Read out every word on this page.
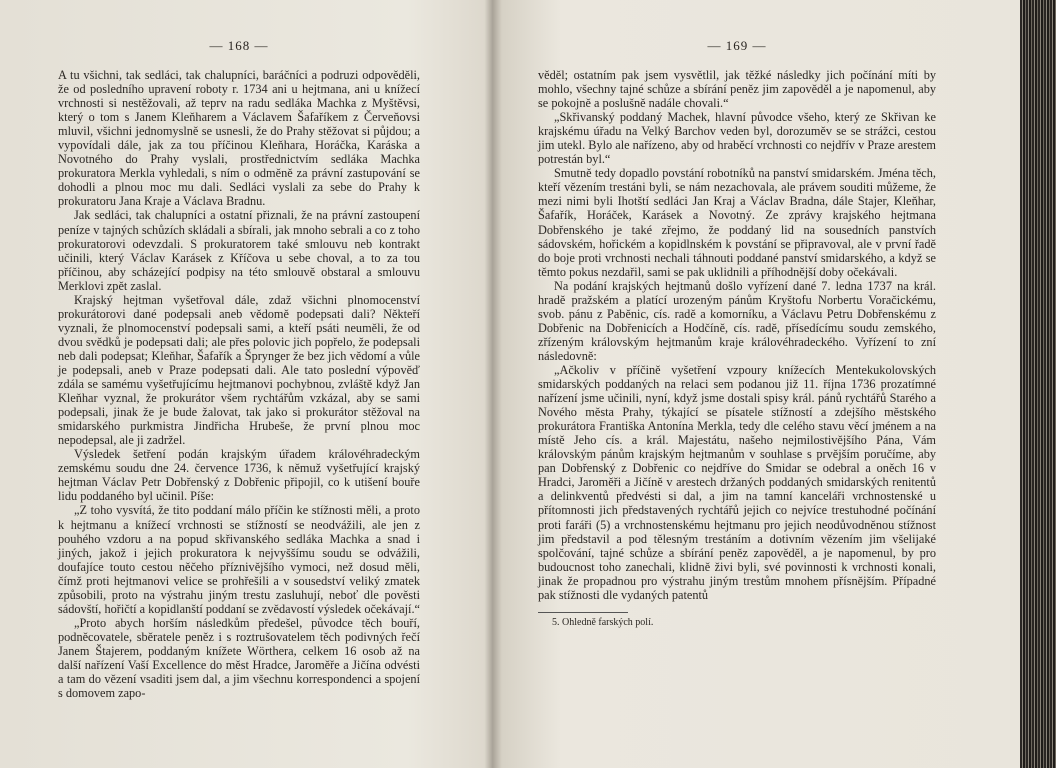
— 168 —

A tu všichni, tak sedláci, tak chalupníci, baráčníci a podruzi odpověděli, že od posledního upravení roboty r. 1734 ani u hejtmana, ani u knížecí vrchnosti si nestěžovali, až teprv na radu sedláka Machka z Myštěvsi, který o tom s Janem Kleňharem a Václavem Šafaříkem z Červeňovsi mluvil, všichni jednomyslně se usnesli, že do Prahy stěžovat si půjdou; a vypovídali dále, jak za tou příčinou Kleňhara, Horáčka, Karáska a Novotného do Prahy vyslali, prostřednictvím sedláka Machka prokuratora Merkla vyhledali, s ním o odměně za právní zastupování se dohodli a plnou moc mu dali. Sedláci vyslali za sebe do Prahy k prokuratoru Jana Kraje a Václava Bradnu.

Jak sedláci, tak chalupníci a ostatní přiznali, že na právní zastoupení peníze v tajných schůzích skládali a sbírali, jak mnoho sebrali a co z toho prokuratorovi odevzdali. S prokuratorem také smlouvu neb kontrakt učinili, který Václav Karásek z Kříčova u sebe choval, a to za tou příčinou, aby scházející podpisy na této smlouvě obstaral a smlouvu Merklovi zpět zaslal.

Krajský hejtman vyšetřoval dále, zdaž všichni plnomocenství prokurátorovi dané podepsali aneb vědomě podepsati dali? Někteří vyznali, že plnomocenství podepsali sami, a kteří psáti neuměli, že od dvou svědků je podepsati dali; ale přes polovic jich popřelo, že podepsali neb dali podepsat; Kleňhar, Šafařík a Šprynger že bez jich vědomí a vůle je podepsali, aneb v Praze podepsati dali. Ale tato poslední výpověď zdála se samému vyšetřujícímu hejtmanovi pochybnou, zvláště když Jan Kleňhar vyznal, že prokurátor všem rychtářům vzkázal, aby se sami podepsali, jinak že je bude žalovat, tak jako si prokurátor stěžoval na smidarského purkmistra Jindřicha Hrubeše, že první plnou moc nepodepsal, ale ji zadržel.

Výsledek šetření podán krajským úřadem královéhradeckým zemskému soudu dne 24. července 1736, k němuž vyšetřující krajský hejtman Václav Petr Dobřenský z Dobřenic připojil, co k utišení bouře lidu poddaného byl učinil. Píše:

„Z toho vysvítá, že tito poddaní málo příčin ke stížnosti měli, a proto k hejtmanu a knížecí vrchnosti se stížností se neodvážili, ale jen z pouhého vzdoru a na popud skřivanského sedláka Machka a snad i jiných, jakož i jejich prokuratora k nejvyššímu soudu se odvážili, doufajíce touto cestou něčeho příznivějšího vymoci, než dosud měli, čímž proti hejtmanovi velice se prohřešili a v sousedství veliký zmatek způsobili, proto na výstrahu jiným trestu zasluhují, neboť dle pověsti sádovští, hořičtí a kopidlanští poddaní se zvědavostí výsledek očekávají.“

„Proto abych horším následkům předešel, původce těch bouří, podněcovatele, sběratele peněz i s roztrušovatelem těch podivných řečí Janem Štajerem, poddaným knížete Wörthera, celkem 16 osob až na další nařízení Vaší Excellence do měst Hradce, Jaroměře a Jičína odvésti a tam do vězení vsaditi jsem dal, a jim všechnu korrespondenci a spojení s domovem zapo-

— 169 —

věděl; ostatním pak jsem vysvětlil, jak těžké následky jich počínání míti by mohlo, všechny tajné schůze a sbírání peněz jim zapověděl a je napomenul, aby se pokojně a poslušně nadále chovali.“

„Skřivanský poddaný Machek, hlavní původce všeho, který ze Skřivan ke krajskému úřadu na Velký Barchov veden byl, dorozuměv se se strážci, cestou jim utekl. Bylo ale nařízeno, aby od hraběcí vrchnosti co nejdřív v Praze arestem potrestán byl.“

Smutně tedy dopadlo povstání robotníků na panství smidarském. Jména těch, kteří vězením trestáni byli, se nám nezachovala, ale právem souditi můžeme, že mezi nimi byli Ihotští sedláci Jan Kraj a Václav Bradna, dále Stajer, Kleňhar, Šafařík, Horáček, Karásek a Novotný. Ze zprávy krajského hejtmana Dobřenského je také zřejmo, že poddaný lid na sousedních panstvích sádovském, hořickém a kopidlnském k povstání se připravoval, ale v první řadě do boje proti vrchnosti nechali táhnouti poddané panství smidarského, a když se těmto pokus nezdařil, sami se pak uklidnili a příhodnější doby očekávali.

Na podání krajských hejtmanů došlo vyřízení dané 7. ledna 1737 na král. hradě pražském a platící urozeným pánům Kryštofu Norbertu Voračickému, svob. pánu z Paběnic, cís. radě a komorníku, a Václavu Petru Dobřenskému z Dobřenic na Dobřenicích a Hodčíně, cís. radě, přísedícímu soudu zemského, zřízeným královským hejtmanům kraje královéhradeckého. Vyřízení to zní následovně:

„Ačkoliv v příčině vyšetření vzpoury knížecích Mentekukolovských smidarských poddaných na relaci sem podanou již 11. října 1736 prozatímné nařízení jsme učinili, nyní, když jsme dostali spisy král. pánů rychtářů Starého a Nového města Prahy, týkající se písatele stížností a zdejšího městského prokurátora Františka Antonína Merkla, tedy dle celého stavu věcí jménem a na místě Jeho cís. a král. Majestátu, našeho nejmilostivějšího Pána, Vám královským pánům krajským hejtmanům v souhlase s prvějším poručíme, aby pan Dobřenský z Dobřenic co nejdříve do Smidar se odebral a oněch 16 v Hradci, Jaroměři a Jičíně v arestech držaných poddaných smidarských renitentů a delinkventů předvésti si dal, a jim na tamní kanceláři vrchnostenské u přítomnosti jich představených rychtářů jejich co nejvíce trestuhodné počínání proti faráři (5) a vrchnostenskému hejtmanu pro jejich neodůvodněnou stížnost jim představil a pod tělesným trestáním a dotivním vězením jim všelijaké spolčování, tajné schůze a sbírání peněz zapověděl, a je napomenul, by pro budoucnost toho zanechali, klidně živi byli, své povinnosti k vrchnosti konali, jinak že propadnou pro výstrahu jiným trestům mnohem přísnějším. Případné pak stížnosti dle vydaných patentů

5. Ohledně farských polí.
